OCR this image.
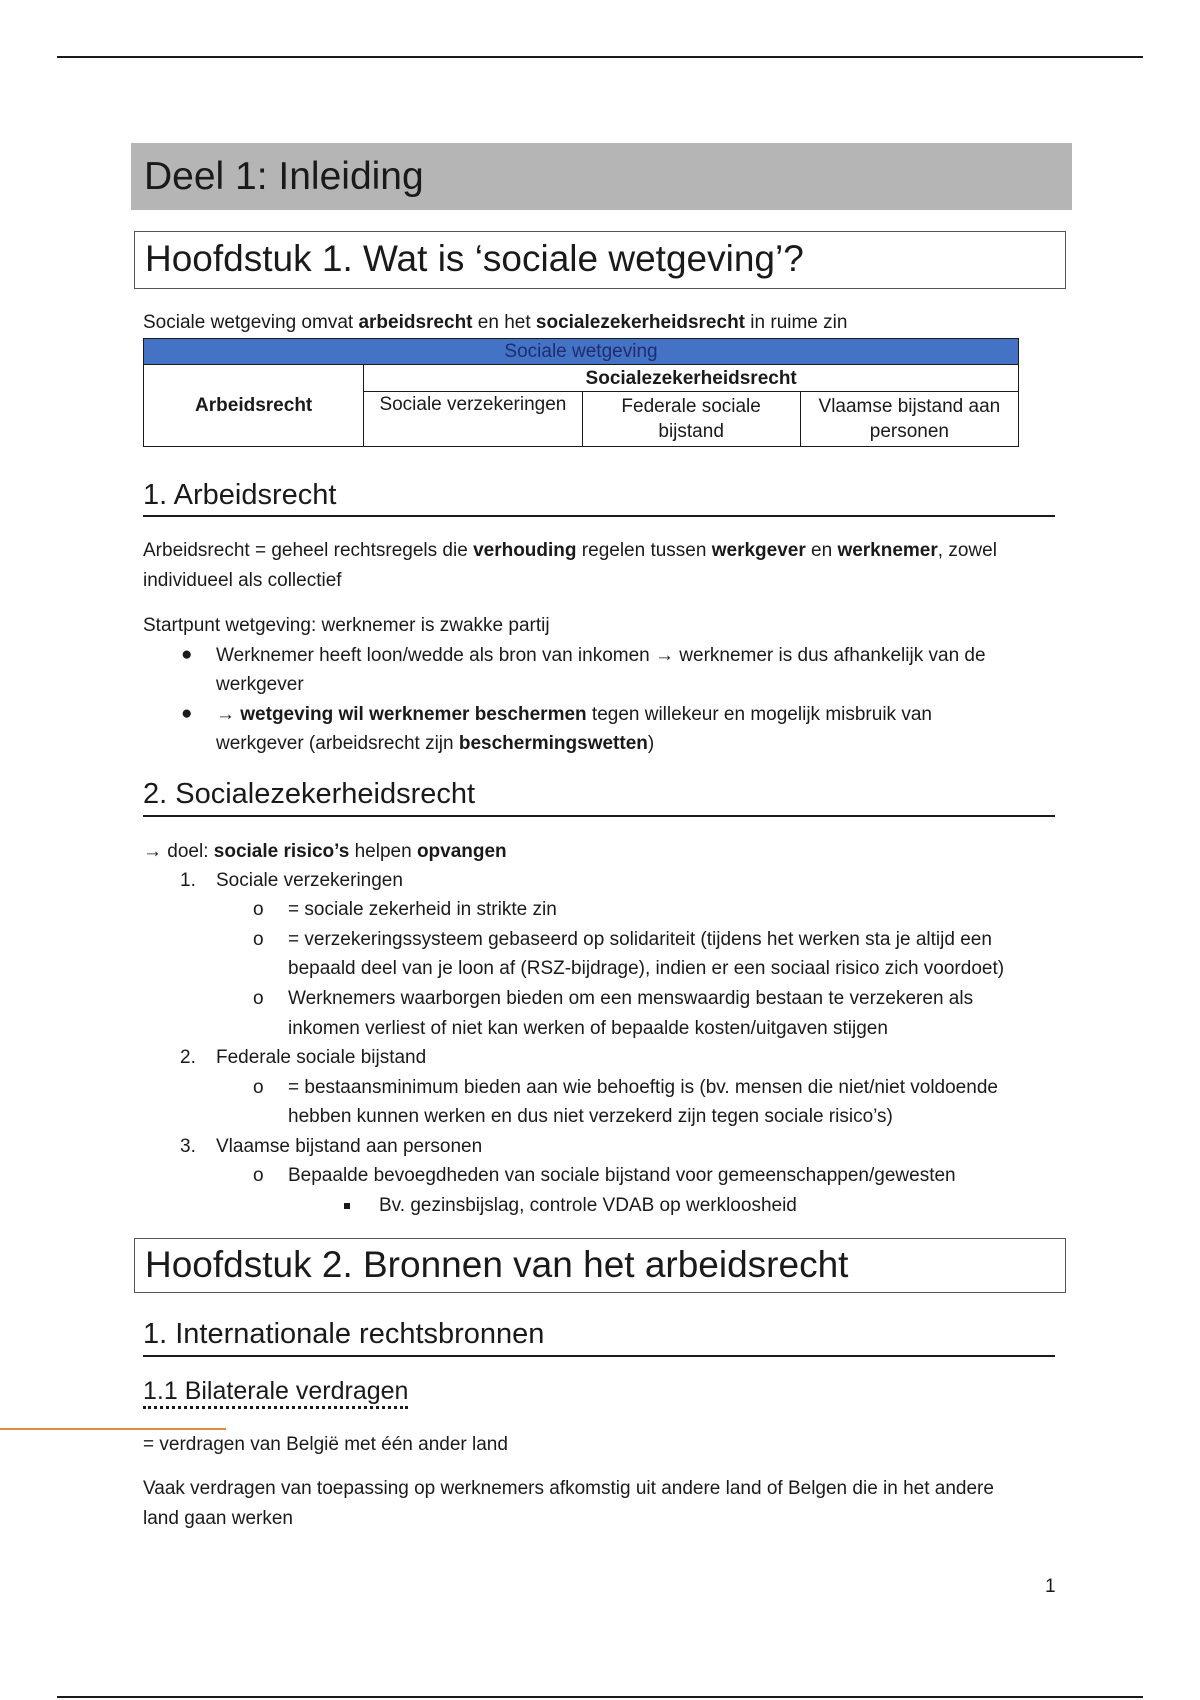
Deel 1: Inleiding
Hoofdstuk 1. Wat is ‘sociale wetgeving’?
Sociale wetgeving omvat arbeidsrecht en het socialezekerheidsrecht in ruime zin
Sociale wetgeving			
Arbeidsrecht	Socialezekerheidsrecht		
	Sociale verzekeringen	Federale sociale bijstand	Vlaamse bijstand aan personen
1. Arbeidsrecht
Arbeidsrecht = geheel rechtsregels die verhouding regelen tussen werkgever en werknemer, zowel
individueel als collectief
Startpunt wetgeving: werknemer is zwakke partij
● Werknemer heeft loon/wedde als bron van inkomen → werknemer is dus afhankelijk van de
werkgever
● → wetgeving wil werknemer beschermen tegen willekeur en mogelijk misbruik van
werkgever (arbeidsrecht zijn beschermingswetten)
2. Socialezekerheidsrecht
→ doel: sociale risico’s helpen opvangen
1. Sociale verzekeringen
o = sociale zekerheid in strikte zin
o = verzekeringssysteem gebaseerd op solidariteit (tijdens het werken sta je altijd een
bepaald deel van je loon af (RSZ-bijdrage), indien er een sociaal risico zich voordoet)
o Werknemers waarborgen bieden om een menswaardig bestaan te verzekeren als
inkomen verliest of niet kan werken of bepaalde kosten/uitgaven stijgen
2. Federale sociale bijstand
o = bestaansminimum bieden aan wie behoeftig is (bv. mensen die niet/niet voldoende
hebben kunnen werken en dus niet verzekerd zijn tegen sociale risico’s)
3. Vlaamse bijstand aan personen
o Bepaalde bevoegdheden van sociale bijstand voor gemeenschappen/gewesten
Bv. gezinsbijslag, controle VDAB op werkloosheid
Hoofdstuk 2. Bronnen van het arbeidsrecht
1. Internationale rechtsbronnen
1.1 Bilaterale verdragen
= verdragen van België met één ander land
Vaak verdragen van toepassing op werknemers afkomstig uit andere land of Belgen die in het andere
land gaan werken
1
